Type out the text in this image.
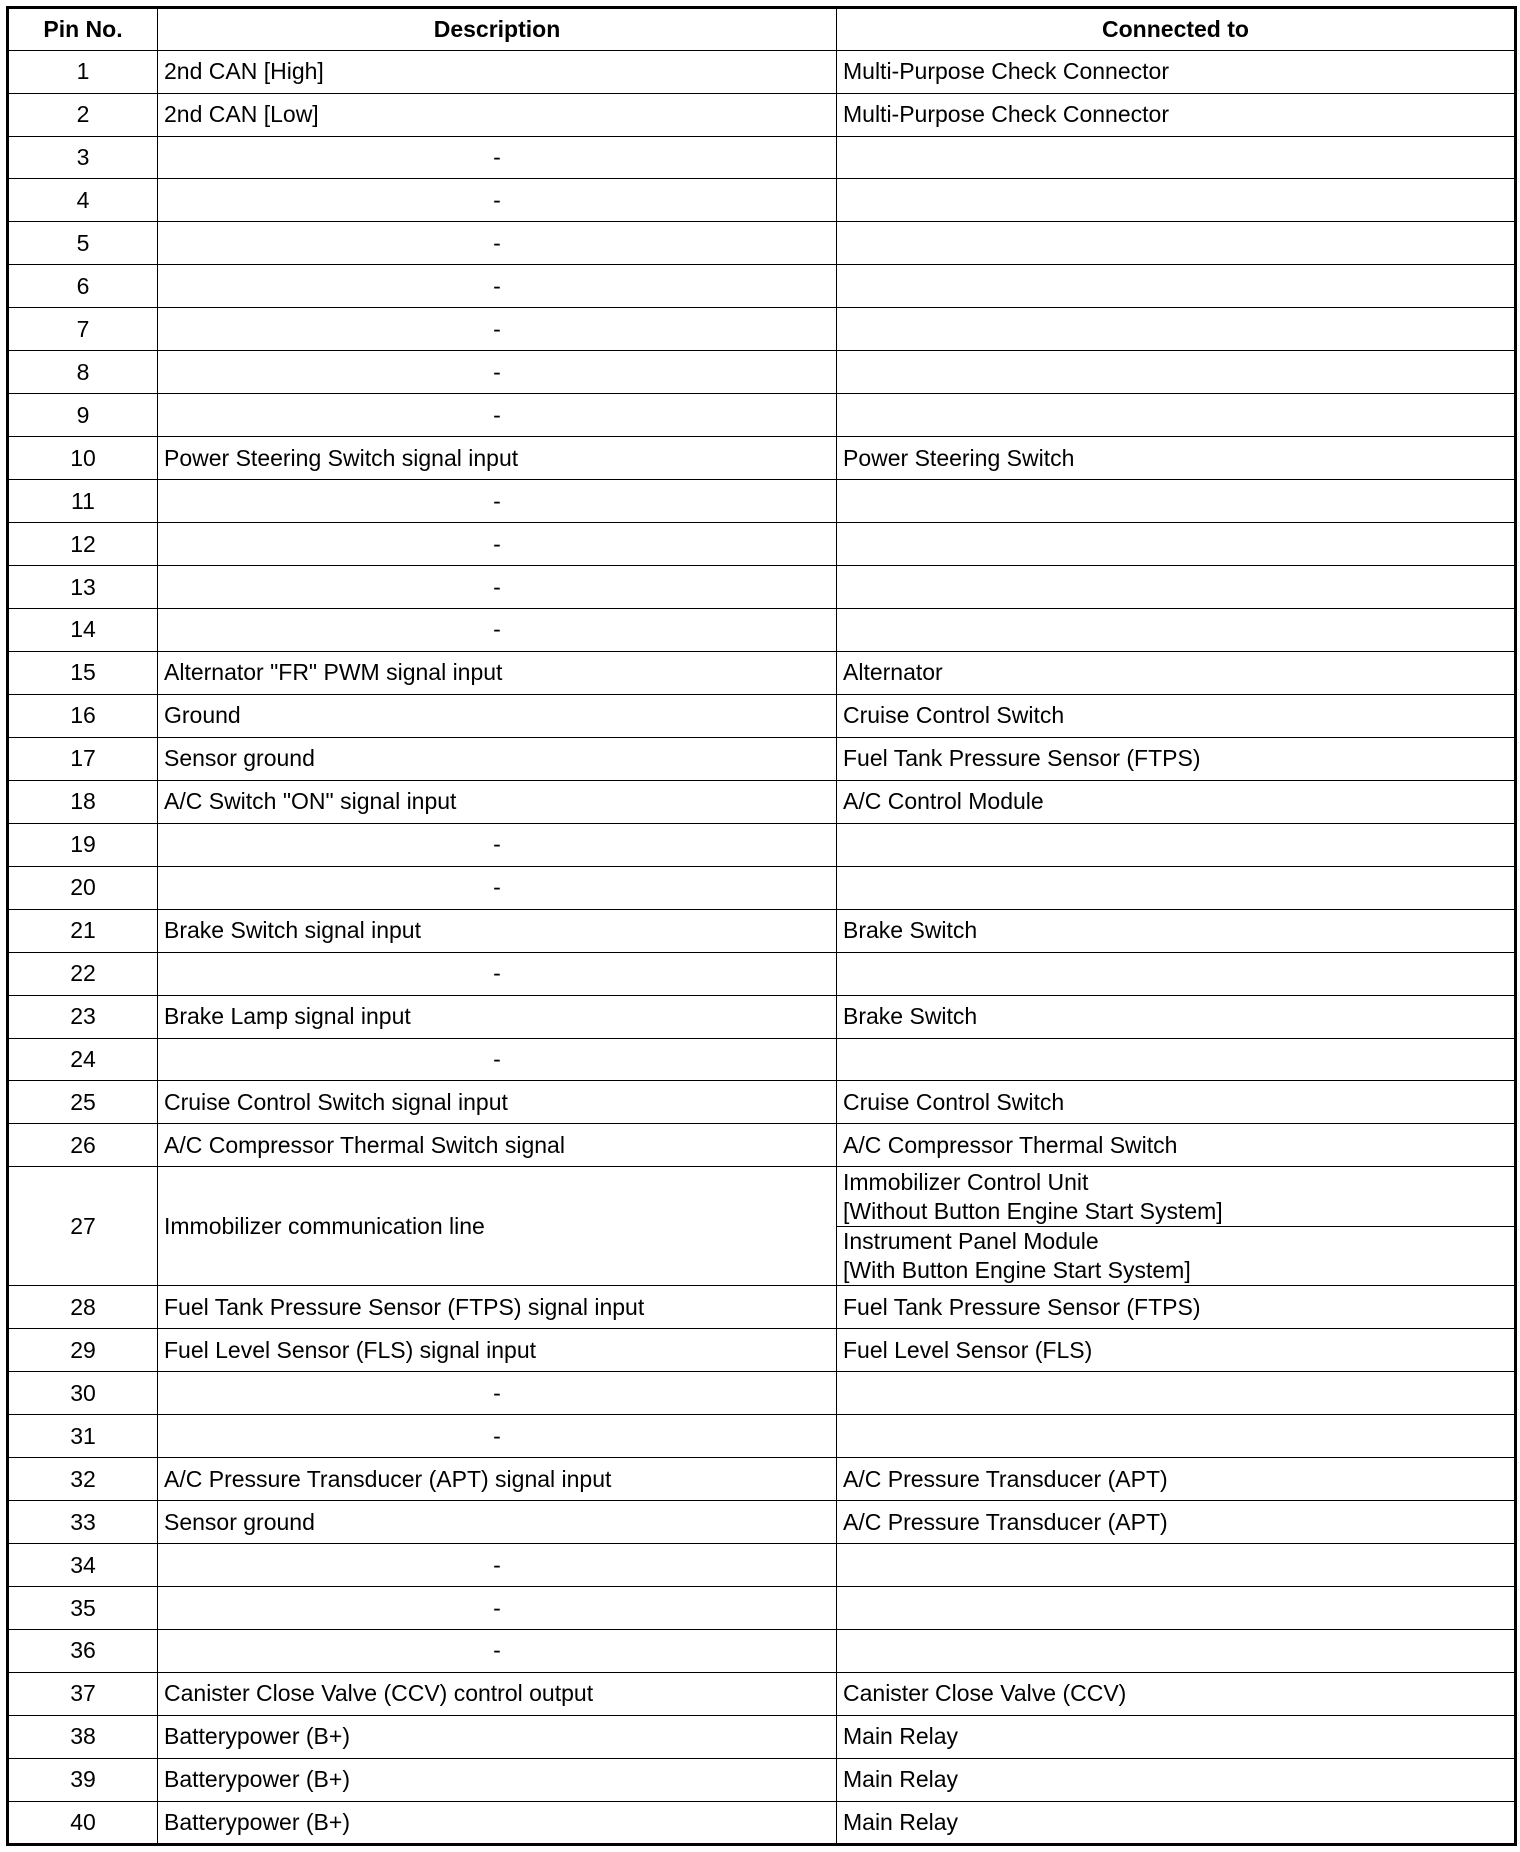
Pin No.	Description	Connected to
1	2nd CAN [High]	Multi-Purpose Check Connector
2	2nd CAN [Low]	Multi-Purpose Check Connector
3	-	
4	-	
5	-	
6	-	
7	-	
8	-	
9	-	
10	Power Steering Switch signal input	Power Steering Switch
11	-	
12	-	
13	-	
14	-	
15	Alternator "FR" PWM signal input	Alternator
16	Ground	Cruise Control Switch
17	Sensor ground	Fuel Tank Pressure Sensor (FTPS)
18	A/C Switch "ON" signal input	A/C Control Module
19	-	
20	-	
21	Brake Switch signal input	Brake Switch
22	-	
23	Brake Lamp signal input	Brake Switch
24	-	
25	Cruise Control Switch signal input	Cruise Control Switch
26	A/C Compressor Thermal Switch signal	A/C Compressor Thermal Switch
27	Immobilizer communication line	Immobilizer Control Unit
[Without Button Engine Start System]

		Instrument Panel Module
[With Button Engine Start System]

28	Fuel Tank Pressure Sensor (FTPS) signal input	Fuel Tank Pressure Sensor (FTPS)
29	Fuel Level Sensor (FLS) signal input	Fuel Level Sensor (FLS)
30	-	
31	-	
32	A/C Pressure Transducer (APT) signal input	A/C Pressure Transducer (APT)
33	Sensor ground	A/C Pressure Transducer (APT)
34	-	
35	-	
36	-	
37	Canister Close Valve (CCV) control output	Canister Close Valve (CCV)
38	Batterypower (B+)	Main Relay
39	Batterypower (B+)	Main Relay
40	Batterypower (B+)	Main Relay
